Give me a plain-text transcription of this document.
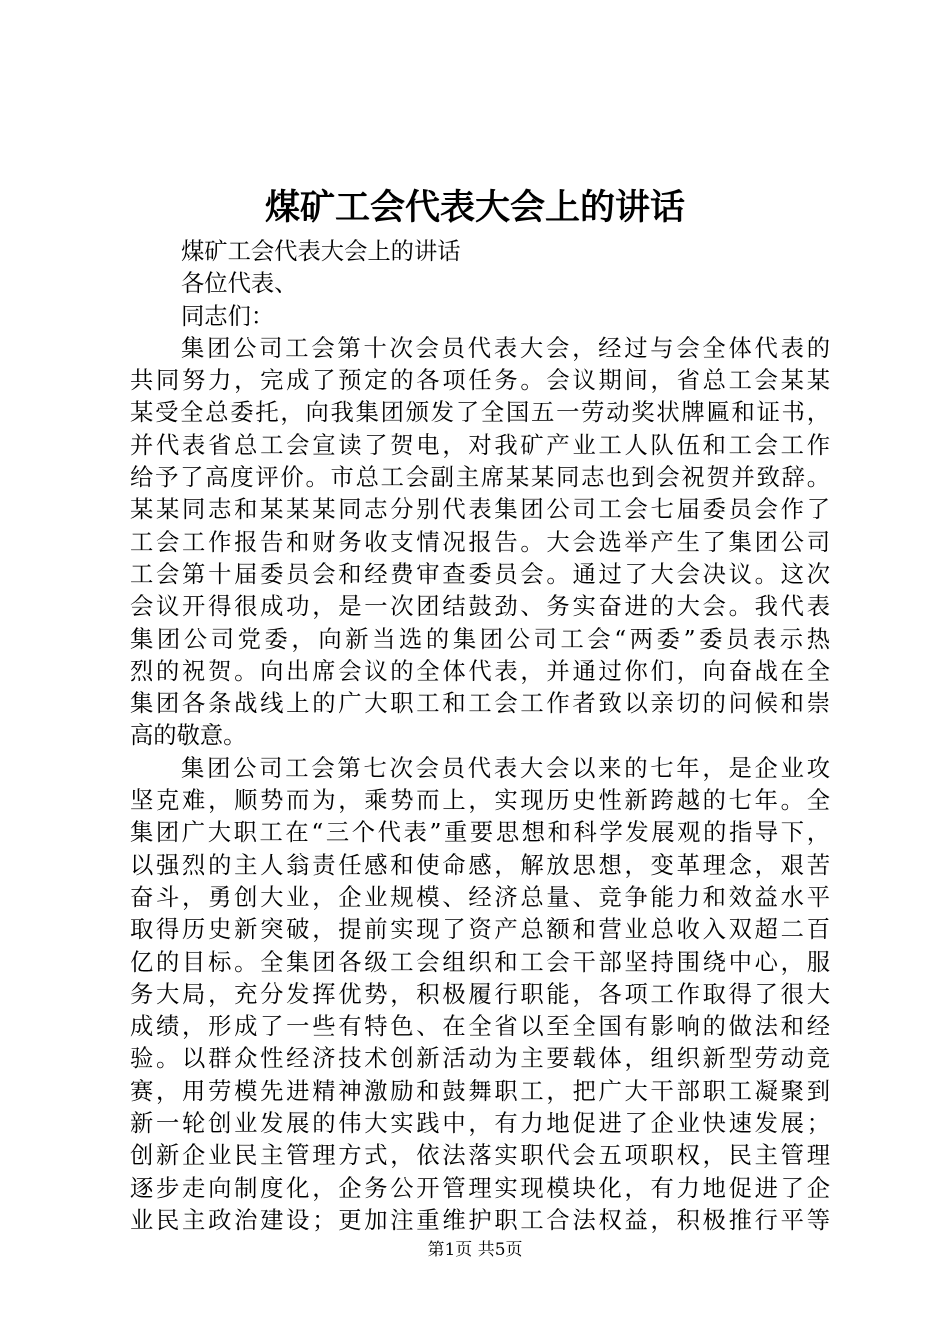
煤矿工会代表大会上的讲话
煤矿工会代表大会上的讲话
各位代表、
同志们：
集团公司工会第十次会员代表大会，经过与会全体代表的
共同努力，完成了预定的各项任务。会议期间，省总工会某某
某受全总委托，向我集团颁发了全国五一劳动奖状牌匾和证书，
并代表省总工会宣读了贺电，对我矿产业工人队伍和工会工作
给予了高度评价。市总工会副主席某某同志也到会祝贺并致辞。
某某同志和某某某同志分别代表集团公司工会七届委员会作了
工会工作报告和财务收支情况报告。大会选举产生了集团公司
工会第十届委员会和经费审查委员会。通过了大会决议。这次
会议开得很成功，是一次团结鼓劲、务实奋进的大会。我代表
集团公司党委，向新当选的集团公司工会“两委”委员表示热
烈的祝贺。向出席会议的全体代表，并通过你们，向奋战在全
集团各条战线上的广大职工和工会工作者致以亲切的问候和崇
高的敬意。
集团公司工会第七次会员代表大会以来的七年，是企业攻
坚克难，顺势而为，乘势而上，实现历史性新跨越的七年。全
集团广大职工在“三个代表”重要思想和科学发展观的指导下，
以强烈的主人翁责任感和使命感，解放思想，变革理念，艰苦
奋斗，勇创大业，企业规模、经济总量、竞争能力和效益水平
取得历史新突破，提前实现了资产总额和营业总收入双超二百
亿的目标。全集团各级工会组织和工会干部坚持围绕中心，服
务大局，充分发挥优势，积极履行职能，各项工作取得了很大
成绩，形成了一些有特色、在全省以至全国有影响的做法和经
验。以群众性经济技术创新活动为主要载体，组织新型劳动竞
赛，用劳模先进精神激励和鼓舞职工，把广大干部职工凝聚到
新一轮创业发展的伟大实践中，有力地促进了企业快速发展；
创新企业民主管理方式，依法落实职代会五项职权，民主管理
逐步走向制度化，企务公开管理实现模块化，有力地促进了企
业民主政治建设；更加注重维护职工合法权益，积极推行平等
第1页 共5页
